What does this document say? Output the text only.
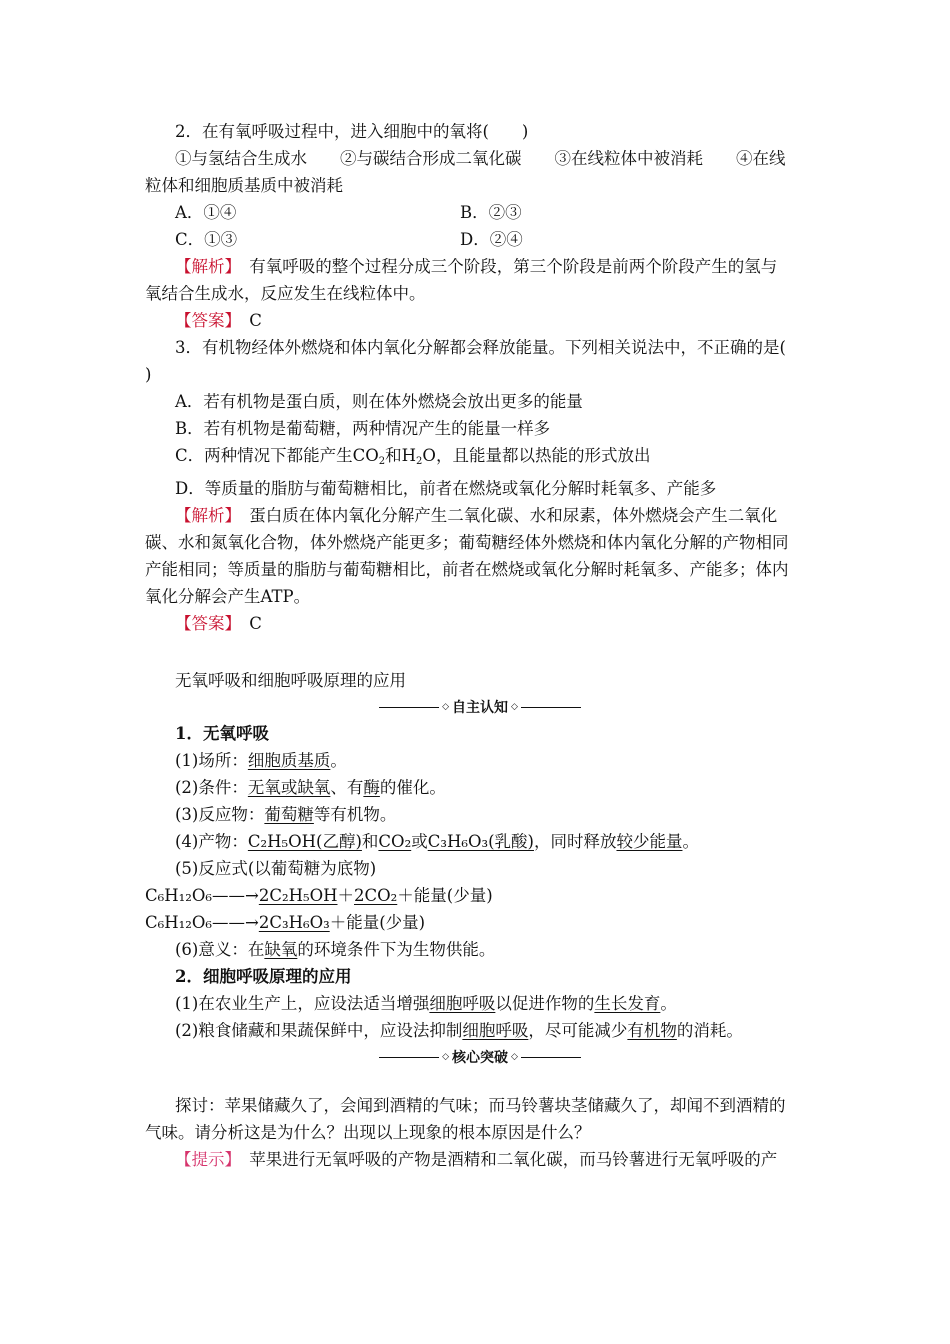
2．在有氧呼吸过程中，进入细胞中的氧将(　　)

①与氢结合生成水　　②与碳结合形成二氧化碳　　③在线粒体中被消耗　　④在线

粒体和细胞质基质中被消耗

A．①④	B．②③
C．①③	D．②④

【解析】　有氧呼吸的整个过程分成三个阶段，第三个阶段是前两个阶段产生的氢与

氧结合生成水，反应发生在线粒体中。

【答案】　C

3．有机物经体外燃烧和体内氧化分解都会释放能量。下列相关说法中，不正确的是(

)

A．若有机物是蛋白质，则在体外燃烧会放出更多的能量

B．若有机物是葡萄糖，两种情况产生的能量一样多

C．两种情况下都能产生$CO_2$和$H_2O$，且能量都以热能的形式放出

D．等质量的脂肪与葡萄糖相比，前者在燃烧或氧化分解时耗氧多、产能多

【解析】　蛋白质在体内氧化分解产生二氧化碳、水和尿素，体外燃烧会产生二氧化

碳、水和氮氧化合物，体外燃烧产能更多；葡萄糖经体外燃烧和体内氧化分解的产物相同

产能相同；等质量的脂肪与葡萄糖相比，前者在燃烧或氧化分解时耗氧多、产能多；体内

氧化分解会产生ATP。

【答案】　C

无氧呼吸和细胞呼吸原理的应用

◇ 自主认知 ◇

1．无氧呼吸

(1)场所：细胞质基质。

(2)条件：无氧或缺氧、有酶的催化。

(3)反应物：葡萄糖等有机物。

(4)产物：C₂H₅OH(乙醇)和CO₂或C₃H₆O₃(乳酸)，同时释放较少能量。

(5)反应式(以葡萄糖为底物)

C₆H₁₂O₆——→2C₂H₅OH＋2CO₂＋能量(少量)

C₆H₁₂O₆——→2C₃H₆O₃＋能量(少量)

(6)意义：在缺氧的环境条件下为生物供能。

2．细胞呼吸原理的应用

(1)在农业生产上，应设法适当增强细胞呼吸以促进作物的生长发育。

(2)粮食储藏和果蔬保鲜中，应设法抑制细胞呼吸，尽可能减少有机物的消耗。

◇ 核心突破 ◇

探讨：苹果储藏久了，会闻到酒精的气味；而马铃薯块茎储藏久了，却闻不到酒精的

气味。请分析这是为什么？出现以上现象的根本原因是什么？

【提示】　苹果进行无氧呼吸的产物是酒精和二氧化碳，而马铃薯进行无氧呼吸的产
